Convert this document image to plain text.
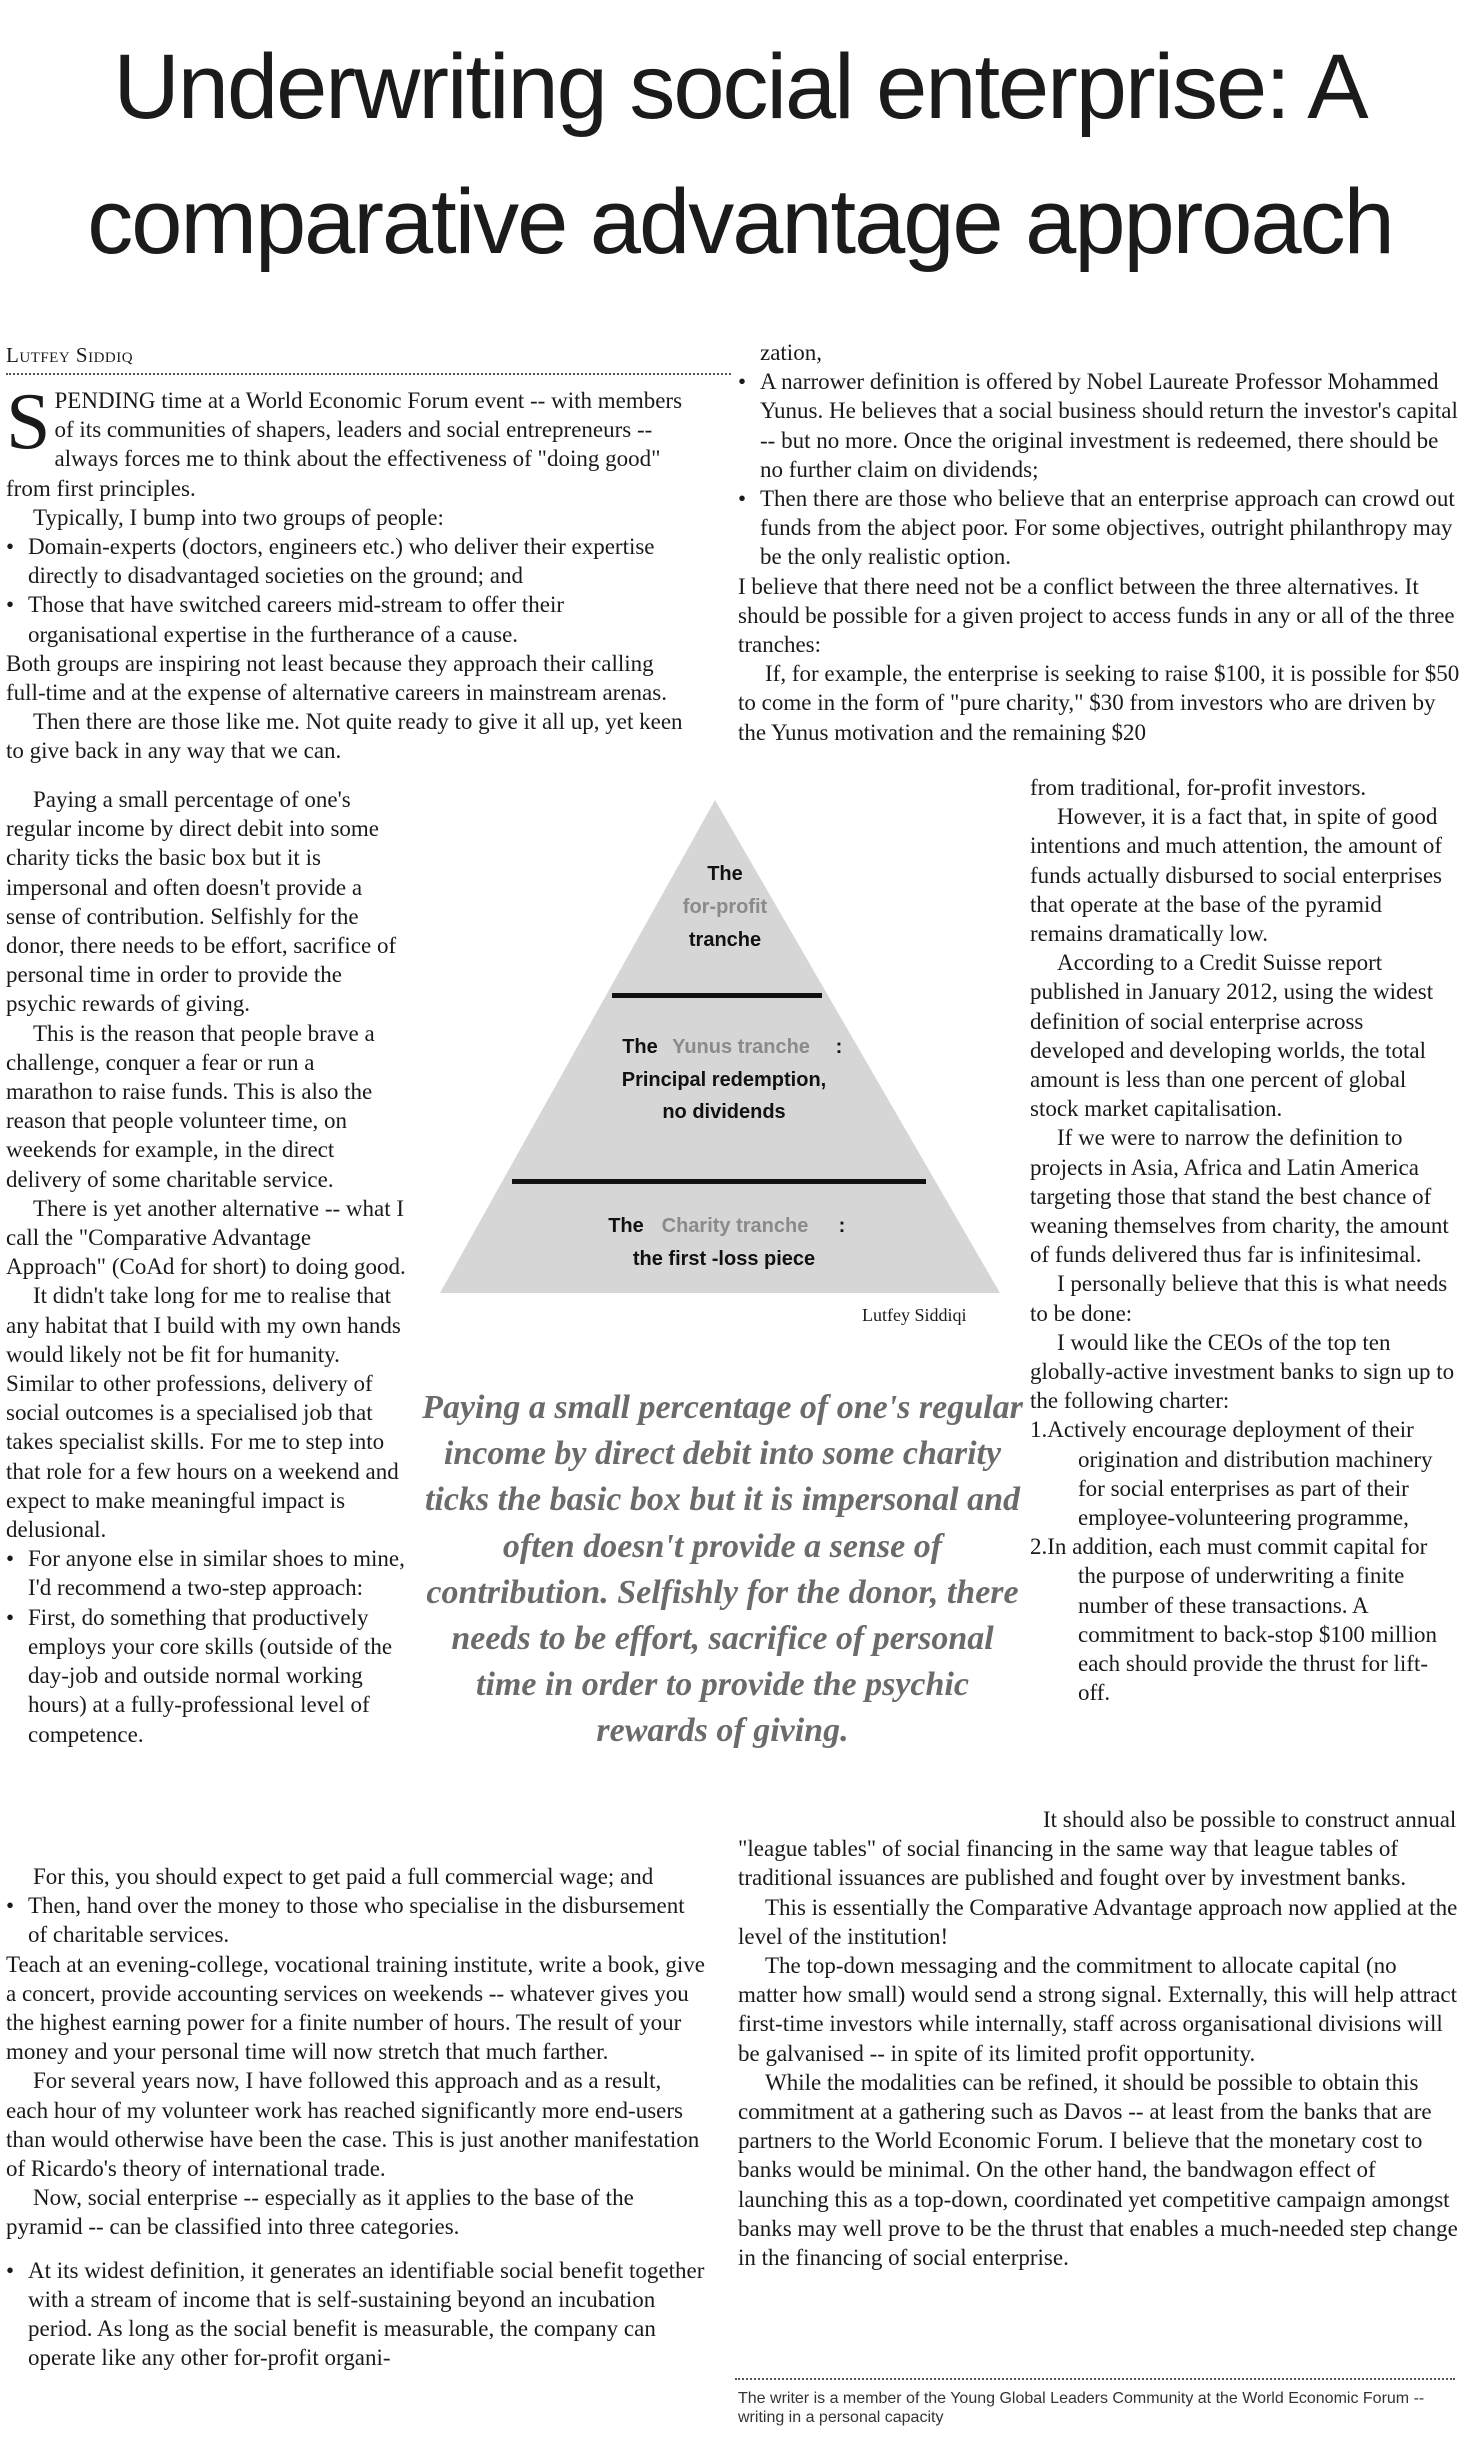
Underwriting social enterprise: A comparative advantage approach
Lutfey Siddiq

SPENDING time at a World Economic Forum event -- with members of its communities of shapers, leaders and social entrepreneurs -- always forces me to think about the effectiveness of "doing good" from first principles.

Typically, I bump into two groups of people:

• Domain-experts (doctors, engineers etc.) who deliver their expertise directly to disadvantaged societies on the ground; and

• Those that have switched careers mid-stream to offer their organisational expertise in the furtherance of a cause.

Both groups are inspiring not least because they approach their calling full-time and at the expense of alternative careers in mainstream arenas.

Then there are those like me. Not quite ready to give it all up, yet keen to give back in any way that we can.

Paying a small percentage of one's regular income by direct debit into some charity ticks the basic box but it is impersonal and often doesn't provide a sense of contribution. Selfishly for the donor, there needs to be effort, sacrifice of personal time in order to provide the psychic rewards of giving.

This is the reason that people brave a challenge, conquer a fear or run a marathon to raise funds. This is also the reason that people volunteer time, on weekends for example, in the direct delivery of some charitable service.

There is yet another alternative -- what I call the "Comparative Advantage Approach" (CoAd for short) to doing good.

It didn't take long for me to realise that any habitat that I build with my own hands would likely not be fit for humanity. Similar to other professions, delivery of social outcomes is a specialised job that takes specialist skills. For me to step into that role for a few hours on a weekend and expect to make meaningful impact is delusional.

• For anyone else in similar shoes to mine, I'd recommend a two-step approach:

• First, do something that productively employs your core skills (outside of the day-job and outside normal working hours) at a fully-professional level of competence.

For this, you should expect to get paid a full commercial wage; and

• Then, hand over the money to those who specialise in the disbursement of charitable services.

Teach at an evening-college, vocational training institute, write a book, give a concert, provide accounting services on weekends -- whatever gives you the highest earning power for a finite number of hours. The result of your money and your personal time will now stretch that much farther.

For several years now, I have followed this approach and as a result, each hour of my volunteer work has reached significantly more end-users than would otherwise have been the case. This is just another manifestation of Ricardo's theory of international trade.

Now, social enterprise -- especially as it applies to the base of the pyramid -- can be classified into three categories.

• At its widest definition, it generates an identifiable social benefit together with a stream of income that is self-sustaining beyond an incubation period. As long as the social benefit is measurable, the company can operate like any other for-profit organi-

zation,

• A narrower definition is offered by Nobel Laureate Professor Mohammed Yunus. He believes that a social business should return the investor's capital -- but no more. Once the original investment is redeemed, there should be no further claim on dividends;

• Then there are those who believe that an enterprise approach can crowd out funds from the abject poor. For some objectives, outright philanthropy may be the only realistic option.

I believe that there need not be a conflict between the three alternatives. It should be possible for a given project to access funds in any or all of the three tranches:

If, for example, the enterprise is seeking to raise $100, it is possible for $50 to come in the form of "pure charity," $30 from investors who are driven by the Yunus motivation and the remaining $20

from traditional, for-profit investors.

However, it is a fact that, in spite of good intentions and much attention, the amount of funds actually disbursed to social enterprises that operate at the base of the pyramid remains dramatically low.

According to a Credit Suisse report published in January 2012, using the widest definition of social enterprise across developed and developing worlds, the total amount is less than one percent of global stock market capitalisation.

If we were to narrow the definition to projects in Asia, Africa and Latin America targeting those that stand the best chance of weaning themselves from charity, the amount of funds delivered thus far is infinitesimal.

I personally believe that this is what needs to be done:

I would like the CEOs of the top ten globally-active investment banks to sign up to the following charter:

1.Actively encourage deployment of their origination and distribution machinery for social enterprises as part of their employee-volunteering programme,

2.In addition, each must commit capital for the purpose of underwriting a finite number of these transactions. A commitment to back-stop $100 million each should provide the thrust for lift-off.

It should also be possible to construct annual "league tables" of social financing in the same way that league tables of traditional issuances are published and fought over by investment banks.

This is essentially the Comparative Advantage approach now applied at the level of the institution!

The top-down messaging and the commitment to allocate capital (no matter how small) would send a strong signal. Externally, this will help attract first-time investors while internally, staff across organisational divisions will be galvanised -- in spite of its limited profit opportunity.

While the modalities can be refined, it should be possible to obtain this commitment at a gathering such as Davos -- at least from the banks that are partners to the World Economic Forum. I believe that the monetary cost to banks would be minimal. On the other hand, the bandwagon effect of launching this as a top-down, coordinated yet competitive campaign amongst banks may well prove to be the thrust that enables a much-needed step change in the financing of social enterprise.

The
for-profit
tranche
The Yunus tranche :
Principal redemption,
no dividends
The Charity tranche :
the first -loss piece
Lutfey Siddiqi
Paying a small percentage of one's regular income by direct debit into some charity ticks the basic box but it is impersonal and often doesn't provide a sense of contribution. Selfishly for the donor, there needs to be effort, sacrifice of personal time in order to provide the psychic rewards of giving.
The writer is a member of the Young Global Leaders Community at the World Economic Forum -- writing in a personal capacity
